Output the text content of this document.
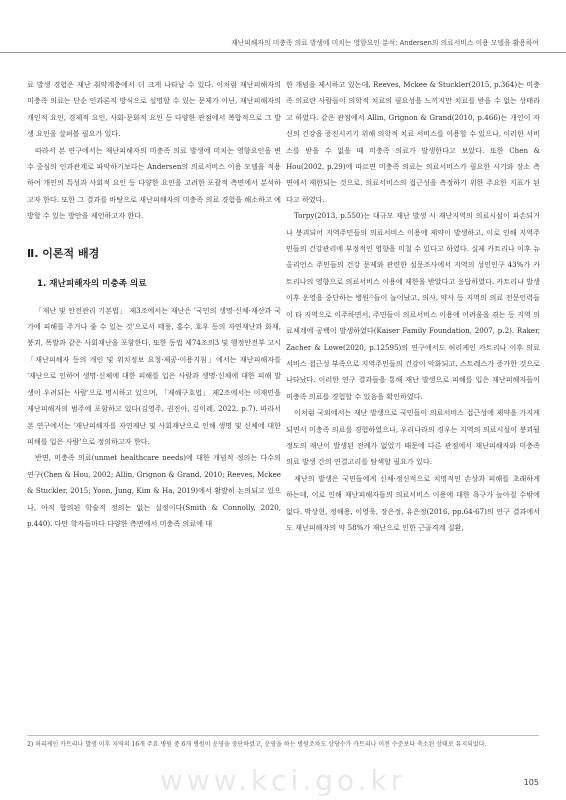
재난피해자의 미충족 의료 발생에 미치는 영향요인 분석: Andersen의 의료서비스 이용 모델을 활용하여

료 발생 경험은 재난 취약계층에서 더 크게 나타날 수 있다. 이처럼 재난피해자의 미충족 의료는 단순 인과론적 방식으로 설명할 수 있는 문제가 아닌, 재난피해자의 개인적 요인, 경제적 요인, 사회·문화적 요인 등 다양한 관점에서 복합적으로 그 발생 요인을 살펴볼 필요가 있다.

따라서 본 연구에서는 재난피해자의 미충족 의료 발생에 미치는 영향요인을 변수 중심의 인과관계로 파악하기보다는 Andersen의 의료서비스 이용 모델을 적용하여 개인의 특성과 사회적 요인 등 다양한 요인을 고려한 포괄적 측면에서 분석하고자 한다. 또한 그 결과를 바탕으로 재난피해자의 미충족 의료 경험을 해소하고 예방할 수 있는 방안을 제언하고자 한다.

Ⅱ. 이론적 배경
1. 재난피해자의 미충족 의료

「재난 및 안전관리 기본법」 제3조에서는 재난은 '국민의 생명·신체·재산과 국가에 피해를 주거나 줄 수 있는 것'으로서 태풍, 홍수, 호우 등의 자연재난과 화재, 붕괴, 폭발과 같은 사회재난을 포함한다. 또한 동법 제74조의3 및 행정안전부 고시 「재난피해자 등의 개인 및 위치정보 요청·제공·이용지침」에서는 재난피해자를 '재난으로 인하여 생명·신체에 대한 피해를 입은 사람과 생명·신체에 대한 피해 발생이 우려되는 사람'으로 명시하고 있으며, 「재해구호법」 제2조에서는 이재민을 재난피해자의 범주에 포함하고 있다(김영주, 권진아, 김이레, 2022, p.7). 따라서 본 연구에서는 '재난피해자를 자연재난 및 사회재난으로 인해 생명 및 신체에 대한 피해를 입은 사람'으로 정의하고자 한다.

반면, 미충족 의료(unmet healthcare needs)에 대한 개념적 정의는 다수의 연구(Chen & Hou, 2002; Allin, Grignon & Grand, 2010; Reeves, Mckee & Stuckler, 2015; Yoon, Jung, Kim & Ha, 2019)에서 활발히 논의되고 있으나, 아직 합의된 학술적 정의는 없는 실정이다(Smith & Connolly, 2020, p.440). 다만 학자들마다 다양한 측면에서 미충족 의료에 대

한 개념을 제시하고 있는데, Reeves, Mckee & Stuckler(2015, p.364)는 미충족 의료란 사람들이 의학적 치료의 필요성을 느끼지만 치료를 받을 수 없는 상태라고 하였다. 같은 관점에서 Allin, Grignon & Grand(2010, p.466)는 개인이 자신의 건강을 증진시키기 위해 의학적 치료 서비스를 이용할 수 있으나, 이러한 서비스를 받을 수 없을 때 미충족 의료가 발생한다고 보았다. 또한 Chen & Hou(2002, p.29)에 따르면 미충족 의료는 의료서비스가 필요한 시기와 장소 측면에서 제한되는 것으로, 의료서비스의 접근성을 측정하기 위한 주요한 지표가 된다고 하였다.

Torpy(2013, p.550)는 대규모 재난 발생 시 재난지역의 의료시설이 파손되거나 붕괴되어 지역주민들의 의료서비스 이용에 제약이 발생하고, 이로 인해 지역주민들의 건강관리에 부정적인 영향을 미칠 수 있다고 하였다. 실제 카트리나 이후 뉴올리언스 주민들의 건강 문제와 관련한 설문조사에서 지역의 성인인구 43%가 카트리나의 영향으로 의료서비스 이용에 제한을 받았다고 응답하였다. 카트리나 발생 이후 운영을 중단하는 병원²⁾들이 늘어났고, 의사, 약사 등 지역의 의료 전문인력들이 타 지역으로 이주하면서, 주민들이 의료서비스 이용에 어려움을 겪는 등 지역 의료체계에 공백이 발생하였다(Kaiser Family Foundation, 2007, p.2). Raker, Zacher & Lowe(2020, p.12595)의 연구에서도 허리케인 카트리나 이후 의료서비스 접근성 부족으로 지역주민들의 건강이 악화되고, 스트레스가 증가한 것으로 나타났다. 이러한 연구 결과들을 통해 재난 발생으로 피해를 입은 재난피해자들이 미충족 의료를 경험할 수 있음을 확인하였다.

이처럼 국외에서는 재난 발생으로 국민들이 의료서비스 접근성에 제약을 가지게 되면서 미충족 의료를 경험하였으나, 우리나라의 경우는 지역의 의료시설이 붕괴될 정도의 재난이 발생된 전례가 없었기 때문에 다른 관점에서 재난피해자와 미충족 의료 발생 간의 연결고리를 탐색할 필요가 있다.

재난의 발생은 국민들에게 신체·정신적으로 치명적인 손상과 피해를 초래하게 하는데, 이로 인해 재난피해자들의 의료서비스 이용에 대한 욕구가 높아질 수밖에 없다. 박상현, 정해용, 이영욱, 장은정, 유은정(2016, pp.64-67)의 연구 결과에서도 재난피해자의 약 58%가 재난으로 인한 근골격계 질환,

2) 허리케인 카트리나 발생 이후 지역의 16개 주요 병원 중 6개 병원이 운영을 중단하였고, 운영을 하는 병원조차도 상당수가 카트리나 이전 수준보다 축소된 상태로 유지되었다.

www.kci.go.kr	105
